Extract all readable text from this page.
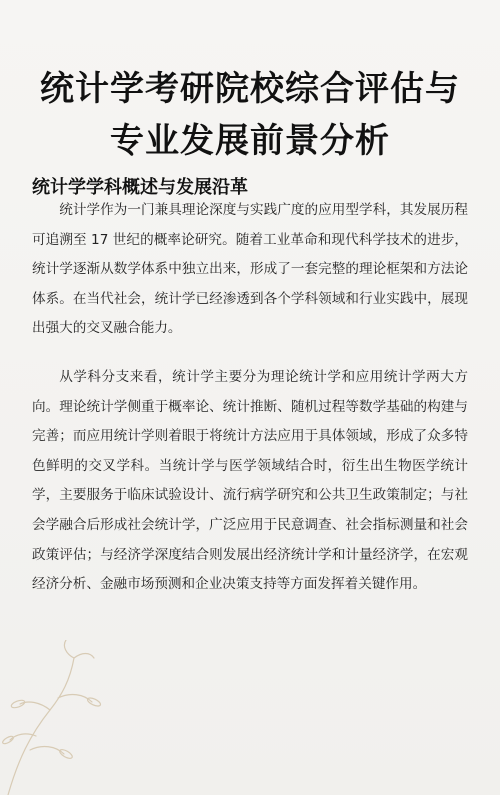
统计学考研院校综合评估与专业发展前景分析
统计学学科概述与发展沿革

统计学作为一门兼具理论深度与实践广度的应用型学科，其发展历程可追溯至 17 世纪的概率论研究。随着工业革命和现代科学技术的进步，统计学逐渐从数学体系中独立出来，形成了一套完整的理论框架和方法论体系。在当代社会，统计学已经渗透到各个学科领域和行业实践中，展现出强大的交叉融合能力。

从学科分支来看，统计学主要分为理论统计学和应用统计学两大方向。理论统计学侧重于概率论、统计推断、随机过程等数学基础的构建与完善；而应用统计学则着眼于将统计方法应用于具体领域，形成了众多特色鲜明的交叉学科。当统计学与医学领域结合时，衍生出生物医学统计学，主要服务于临床试验设计、流行病学研究和公共卫生政策制定；与社会学融合后形成社会统计学，广泛应用于民意调查、社会指标测量和社会政策评估；与经济学深度结合则发展出经济统计学和计量经济学，在宏观经济分析、金融市场预测和企业决策支持等方面发挥着关键作用。
